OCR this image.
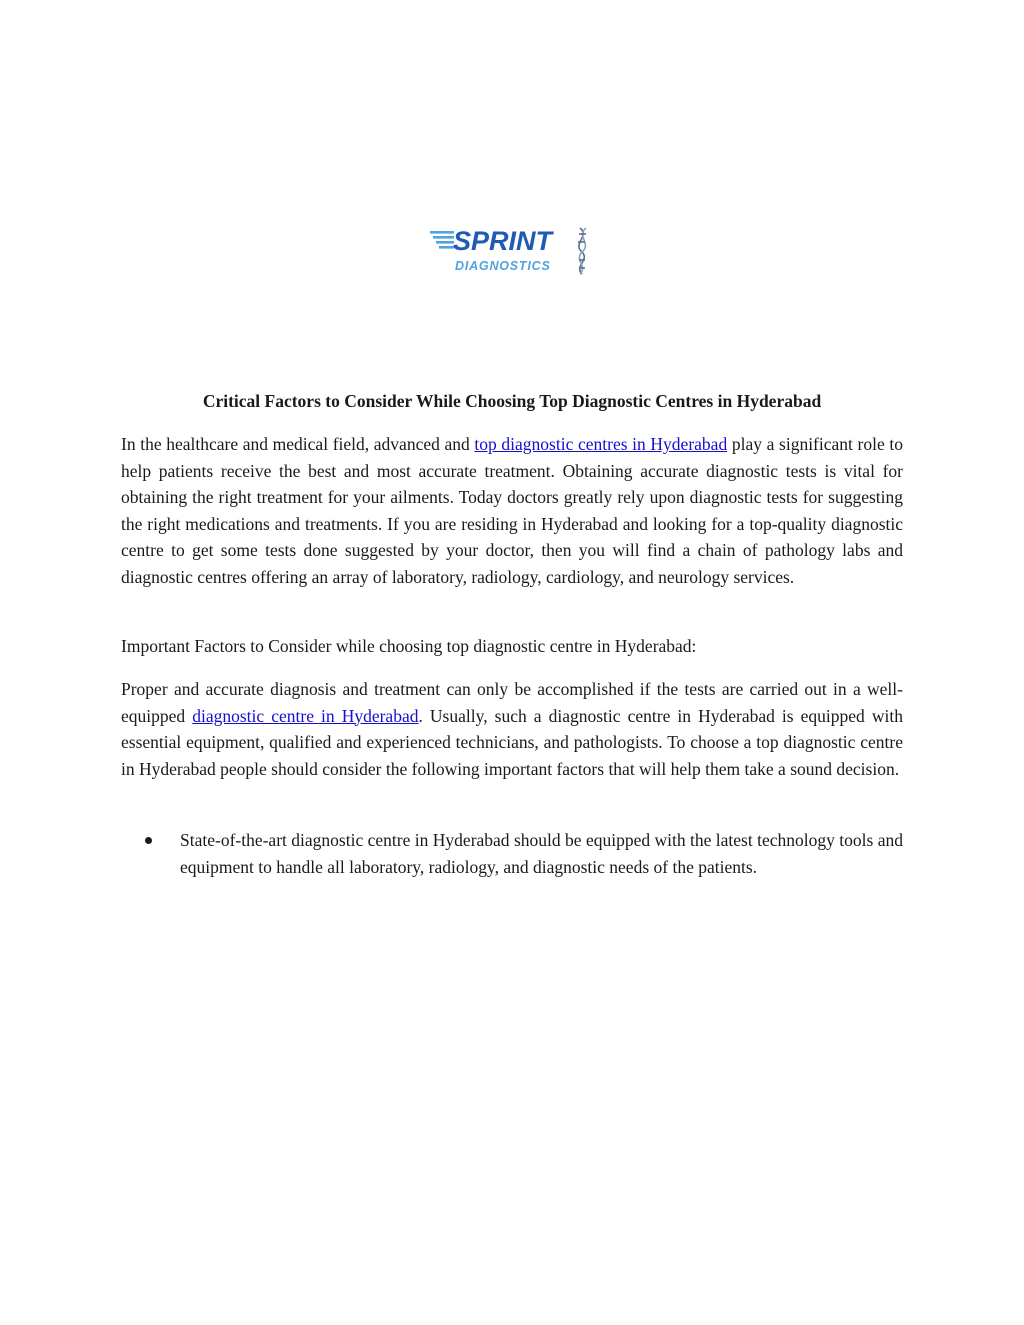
SPRINT
DIAGNOSTICS
Critical Factors to Consider While Choosing Top Diagnostic Centres in Hyderabad

In the healthcare and medical field, advanced and top diagnostic centres in Hyderabad play a significant role to help patients receive the best and most accurate treatment. Obtaining accurate diagnostic tests is vital for obtaining the right treatment for your ailments. Today doctors greatly rely upon diagnostic tests for suggesting the right medications and treatments. If you are residing in Hyderabad and looking for a top-quality diagnostic centre to get some tests done suggested by your doctor, then you will find a chain of pathology labs and diagnostic centres offering an array of laboratory, radiology, cardiology, and neurology services.

Important Factors to Consider while choosing top diagnostic centre in Hyderabad:

Proper and accurate diagnosis and treatment can only be accomplished if the tests are carried out in a well-equipped diagnostic centre in Hyderabad. Usually, such a diagnostic centre in Hyderabad is equipped with essential equipment, qualified and experienced technicians, and pathologists. To choose a top diagnostic centre in Hyderabad people should consider the following important factors that will help them take a sound decision.

State-of-the-art diagnostic centre in Hyderabad should be equipped with the latest technology tools and equipment to handle all laboratory, radiology, and diagnostic needs of the patients.
